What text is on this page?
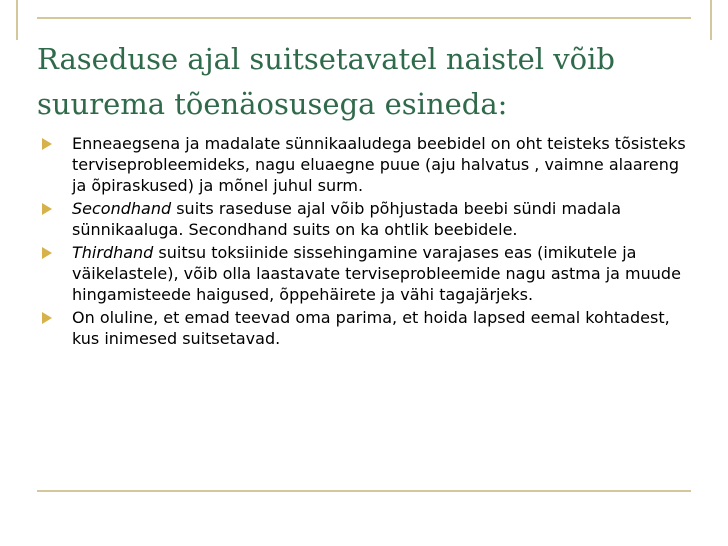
Raseduse ajal suitsetavatel naistel võib suurema tõenäosusega esineda:
Enneaegsena ja madalate sünnikaaludega beebidel on oht teisteks tõsisteks terviseprobleemideks, nagu eluaegne puue (aju halvatus , vaimne alaareng ja õpiraskused) ja mõnel juhul surm.
Secondhand suits raseduse ajal võib põhjustada beebi sündi madala sünnikaaluga. Secondhand suits on ka ohtlik beebidele.
Thirdhand suitsu toksiinide sissehingamine varajases eas (imikutele ja väikelastele), võib olla laastavate terviseprobleemide nagu astma ja muude hingamisteede haigused, õppehäirete ja vähi tagajärjeks.
On oluline, et emad teevad oma parima, et hoida lapsed eemal kohtadest, kus inimesed suitsetavad.
